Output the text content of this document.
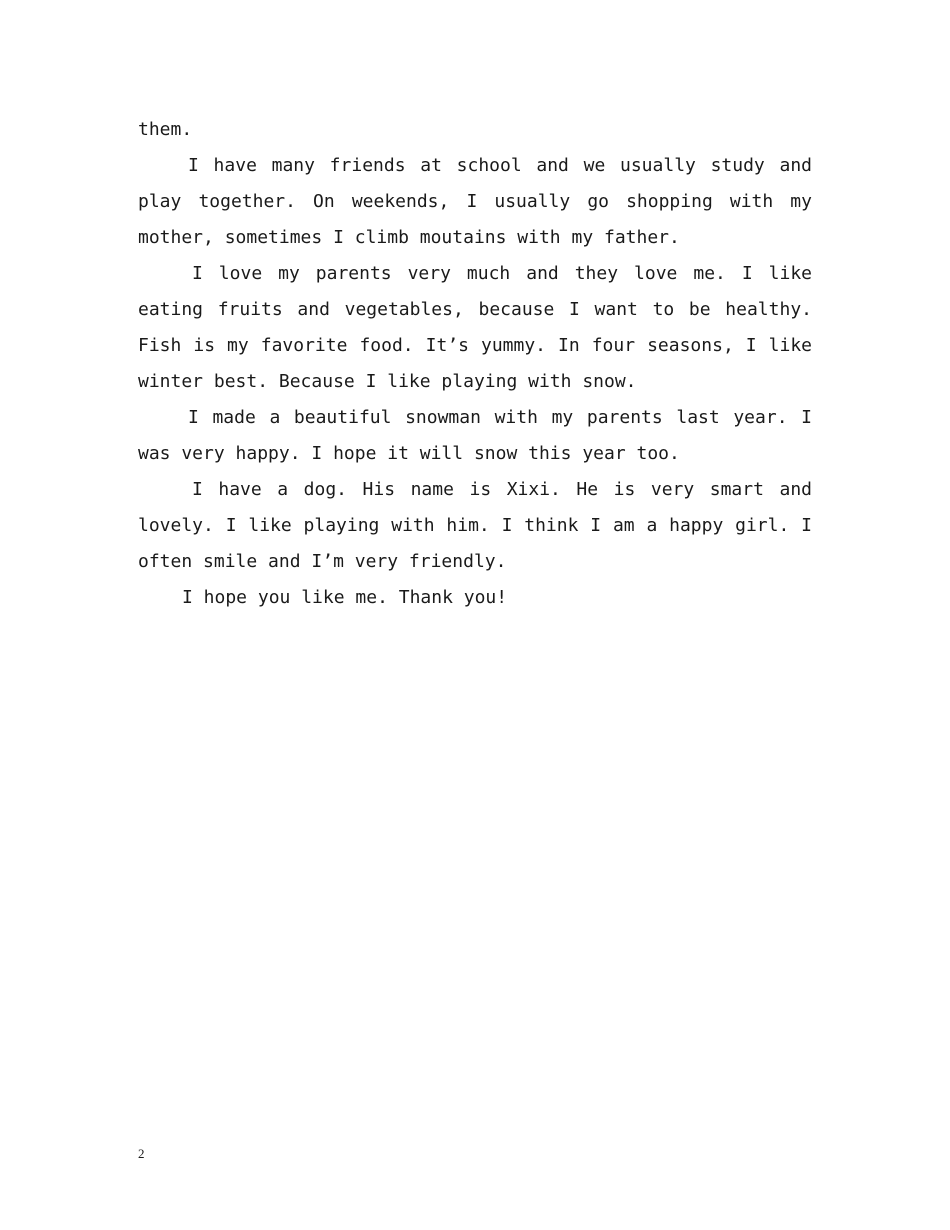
them.
I have many friends at school and we usually study and
play together. On weekends, I usually go shopping with my
mother, sometimes I climb moutains with my father.
I love my parents very much and they love me. I like
eating fruits and vegetables, because I want to be healthy.
Fish is my favorite food. It’s yummy. In four seasons, I like
winter best. Because I like playing with snow.
I made a beautiful snowman with my parents last year. I
was very happy. I hope it will snow this year too.
I have a dog. His name is Xixi. He is very smart and
lovely. I like playing with him. I think I am a happy girl. I
often smile and I’m very friendly.
I hope you like me. Thank you!
2
